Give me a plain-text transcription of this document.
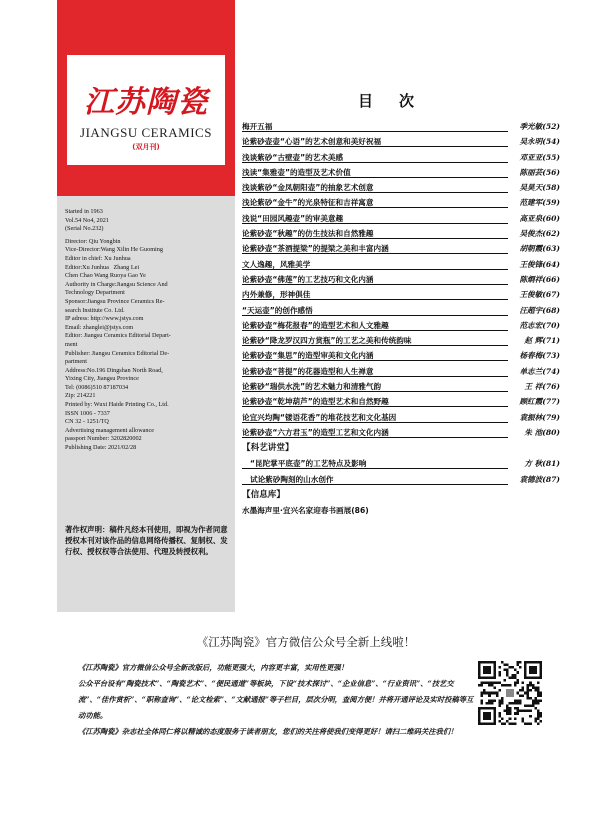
江苏陶瓷
JIANGSU CERAMICS
(双月刊)
Started in 1963
Vol.54 No4, 2021
(Serial No.232)
Director: Qiu Yongbin
Vice-Director:Wang Xilin He Guoming
Editor in chief: Xu Junhua
Editor:Xu Junhua   Zhang Lei
Chen Chao Wang Ruoya Gao Ye
Authority in Charge:Jiangsu Science And
Technology Department
Sponsor:Jiangsu Province Ceramics Re-
search Institute Co. Ltd.
IP adress: http://www.jstys.com
Email: zhanglei@jstys.com
Editor: Jiangsu Ceramics Editorial Depart-
ment
Publisher: Jiangsu Ceramics Editorial De-
partment
Address:No.196 Dingshan North Road,
Yixing City, Jiangsu Province
Tel: (0086)510 87187034
Zip: 214221
Printed by: Wuxi Haide Printing Co., Ltd.
ISSN 1006 - 7337
CN 32 - 1251/TQ
Advertising management allowance
passport Number: 3202820002
Publishing Date: 2021/02/28
著作权声明：稿件凡经本刊使用，即视为作者同意授权本刊对该作品的信息网络传播权、复制权、发行权、授权权等合法使用、代理及转授权利。
目次
梅开五福	季光敏(52)
论紫砂壶壶“心语”的艺术创意和美好祝福	吴永明(54)
浅谈紫砂“古壁壶”的艺术美感	邓亚亚(55)
浅读“集雅壶”的造型及艺术价值	陈丽芸(56)
浅谈紫砂“金凤朝阳壶”的抽象艺术创意	吴昊天(58)
浅论紫砂“金牛”的光泉特征和吉祥寓意	范建军(59)
浅说“田园风趣壶”的审美意趣	高亚泉(60)
论紫砂壶“秋趣”的仿生技法和自然雅趣	吴俊杰(62)
论紫砂壶“茶酒提梁”的提梁之美和丰富内涵	胡朝霞(63)
文人逸趣，风雅美学	王俊锋(64)
论紫砂壶“佛莲”的工艺技巧和文化内涵	陈烱祥(66)
内外兼修，形神俱佳	王俊敏(67)
“天运壶”的创作感悟	汪超宇(68)
论紫砂壶“梅花报春”的造型艺术和人文雅趣	范志宏(70)
论紫砂“降龙罗汉四方赏瓶”的工艺之美和传统韵味	赵 辉(71)
论紫砂壶“集思”的造型审美和文化内涵	杨春梅(73)
论紫砂壶“菩提”的花器造型和人生禅意	单志兰(74)
论紫砂“瑞供水洗”的艺术魅力和清雅气韵	王 祥(76)
论紫砂壶“乾坤葫芦”的造型艺术和自然野趣	顾红霞(77)
论宜兴均陶“镂语花香”的堆花技艺和文化基因	袁振林(79)
论紫砂壶“六方君玉”的造型工艺和文化内涵	朱 池(80)
【科艺讲堂】
“昆陀掌平底壶”的工艺特点及影响	方 秋(81)
试论紫砂陶刻的山水创作	袁德波(87)
【信息库】
水墨海声里·宜兴名家迎春书画展(86)
《江苏陶瓷》官方微信公众号全新上线啦！

《江苏陶瓷》官方微信公众号全新改版后，功能更强大，内容更丰富，实用性更强！

公众平台设有“陶瓷技术”、“陶瓷艺术”、“便民通道”等板块，下设“技术探讨”、“企业信息”、“行业资讯”、“技艺交流”、“佳作赏析”、“职称查询”、“论文检索”、“文献通报”等子栏目，层次分明，查阅方便！并将开通评论及实时投稿等互动功能。

《江苏陶瓷》杂志社全体同仁将以精诚的态度服务于读者朋友，您们的关注将使我们变得更好！请扫二维码关注我们！
